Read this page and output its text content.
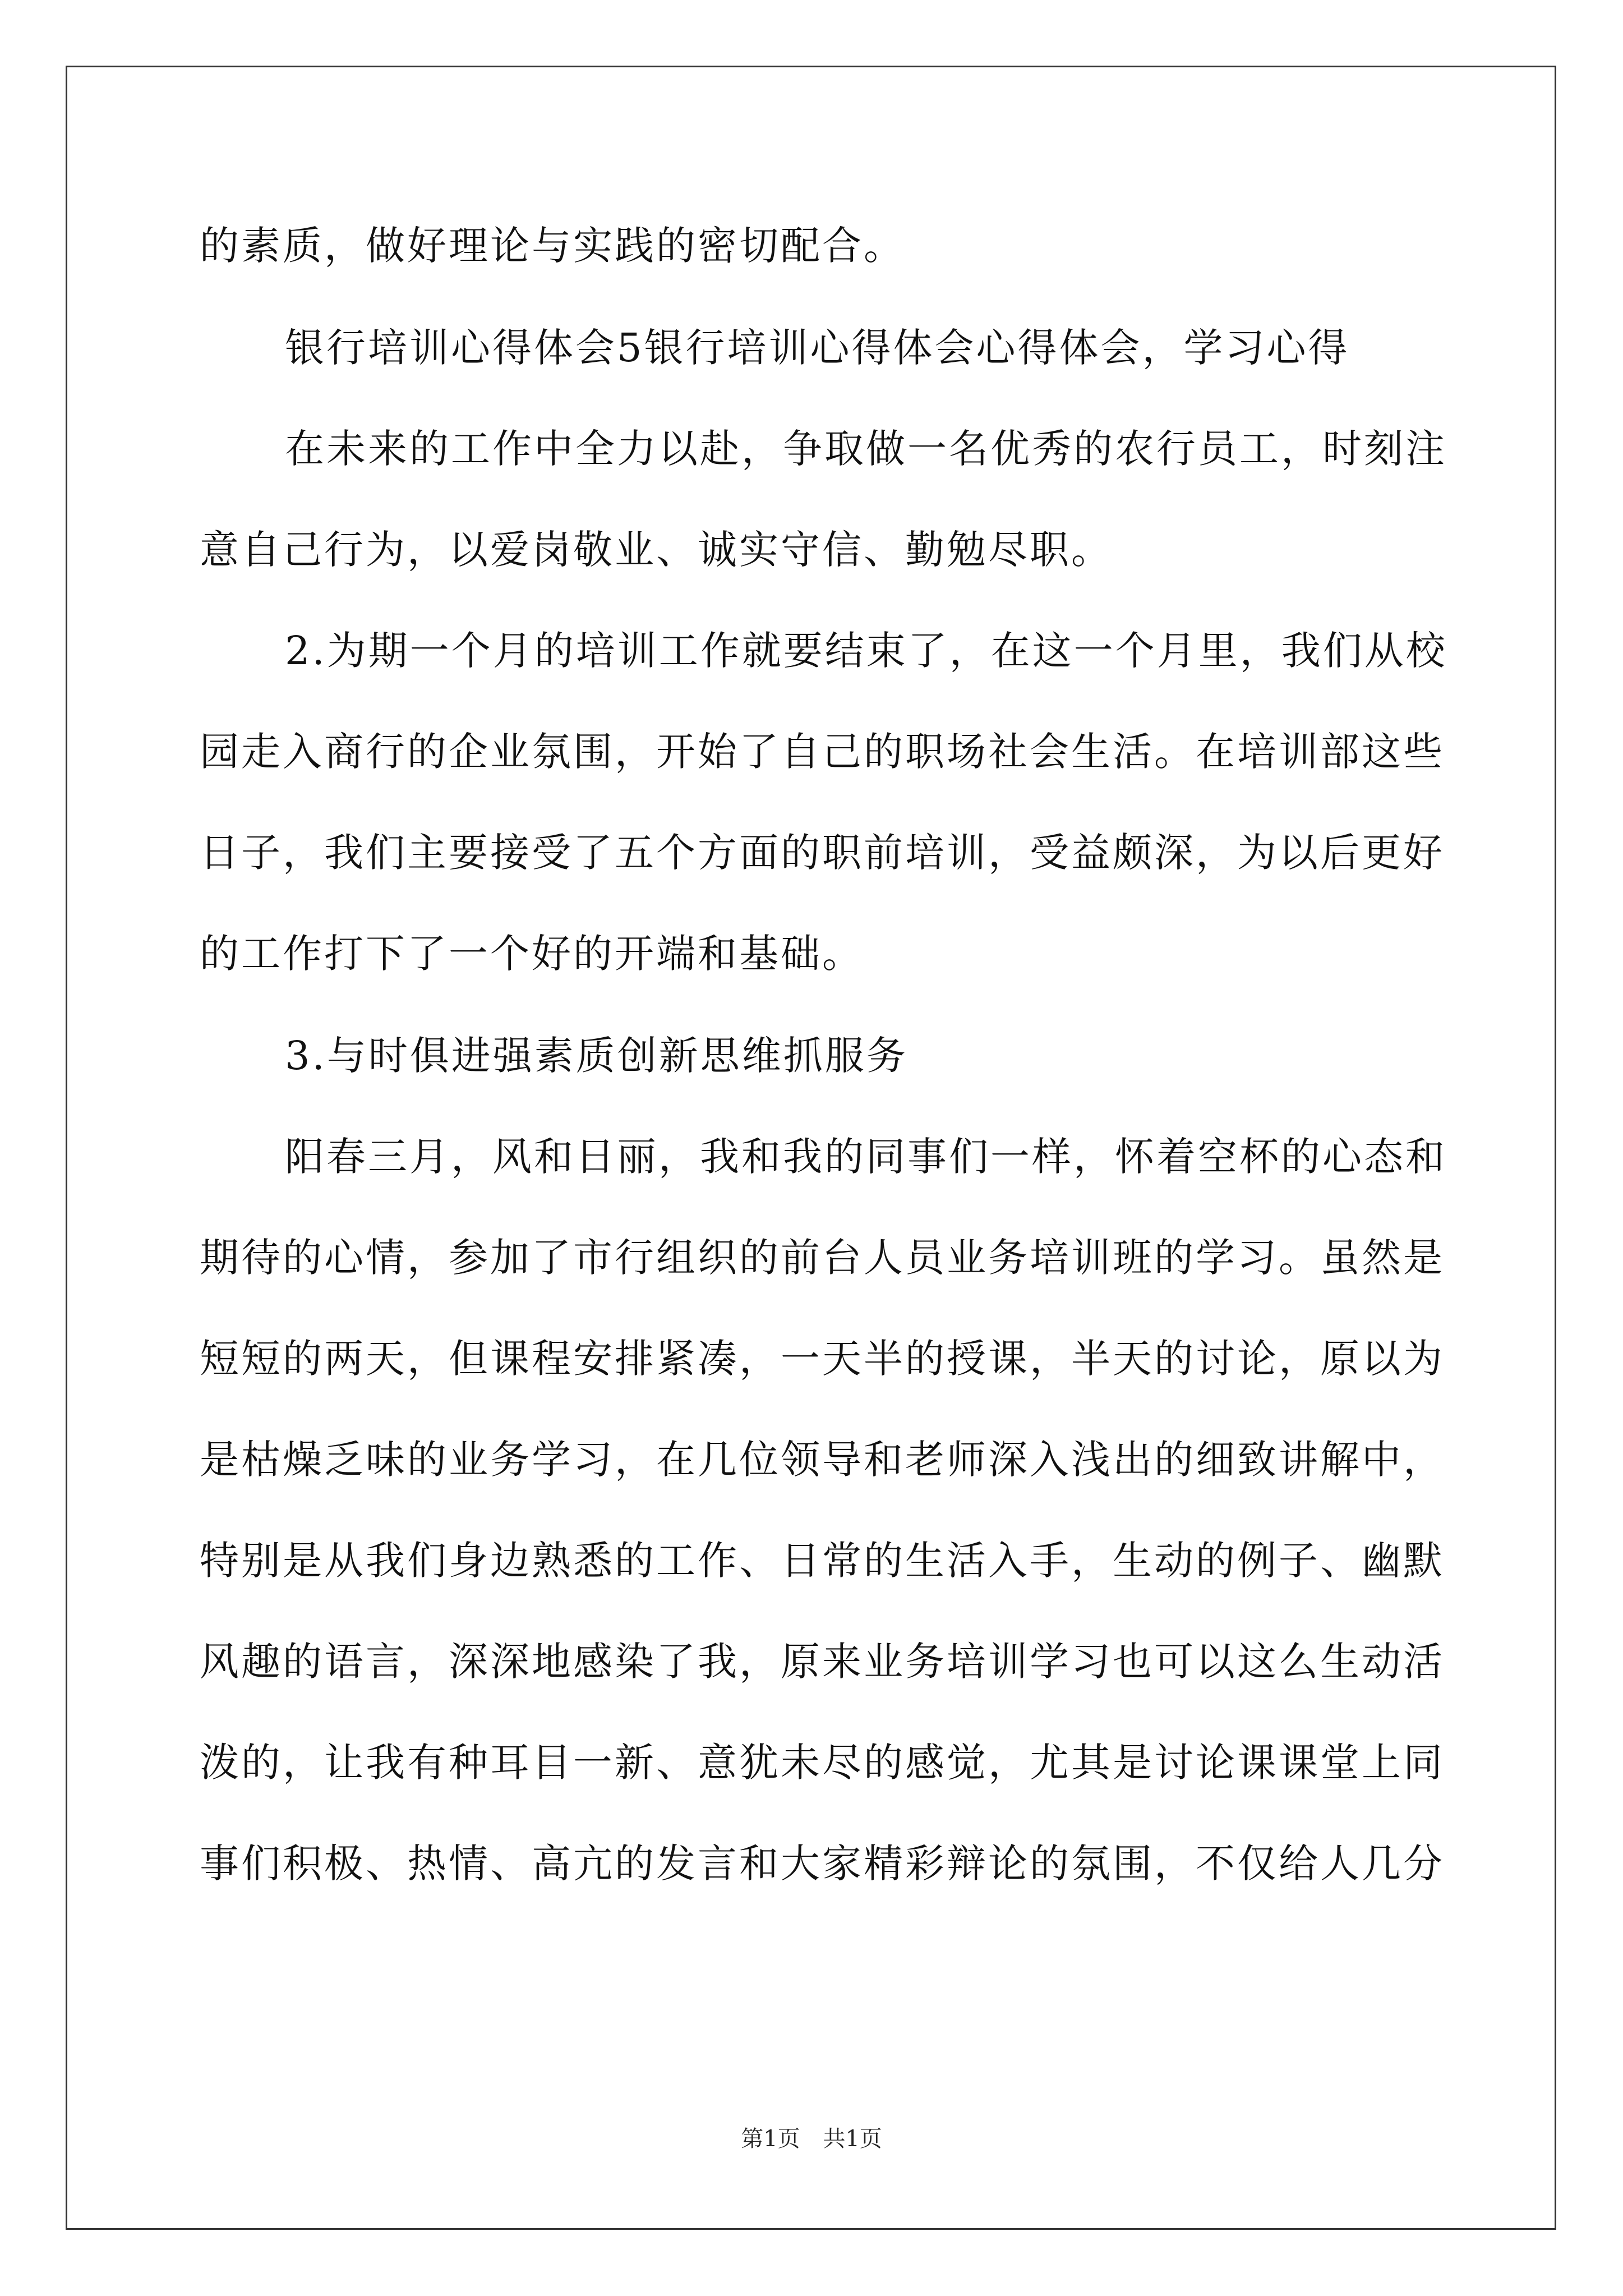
的素质，做好理论与实践的密切配合。
银行培训心得体会5银行培训心得体会心得体会，学习心得
在未来的工作中全力以赴，争取做一名优秀的农行员工，时刻注
意自己行为，以爱岗敬业、诚实守信、勤勉尽职。
2.为期一个月的培训工作就要结束了，在这一个月里，我们从校
园走入商行的企业氛围，开始了自己的职场社会生活。在培训部这些
日子，我们主要接受了五个方面的职前培训，受益颇深，为以后更好
的工作打下了一个好的开端和基础。
3.与时俱进强素质创新思维抓服务
阳春三月，风和日丽，我和我的同事们一样，怀着空杯的心态和
期待的心情，参加了市行组织的前台人员业务培训班的学习。虽然是
短短的两天，但课程安排紧凑，一天半的授课，半天的讨论，原以为
是枯燥乏味的业务学习，在几位领导和老师深入浅出的细致讲解中，
特别是从我们身边熟悉的工作、日常的生活入手，生动的例子、幽默
风趣的语言，深深地感染了我，原来业务培训学习也可以这么生动活
泼的，让我有种耳目一新、意犹未尽的感觉，尤其是讨论课课堂上同
事们积极、热情、高亢的发言和大家精彩辩论的氛围，不仅给人几分
第1页 共1页
